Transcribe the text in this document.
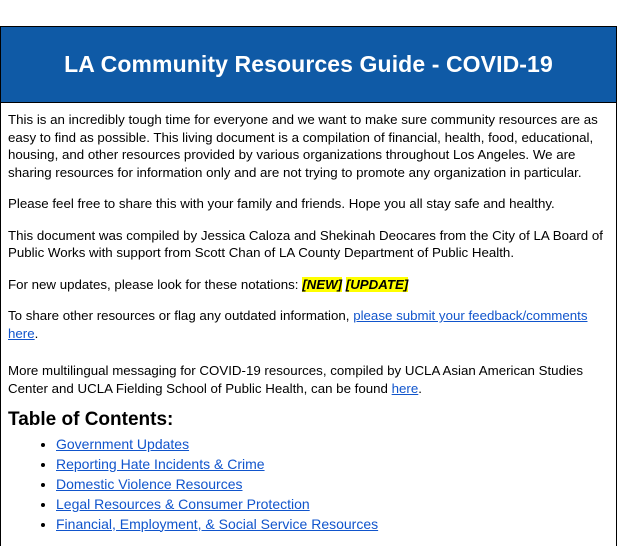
LA Community Resources Guide - COVID-19

This is an incredibly tough time for everyone and we want to make sure community resources are as easy to find as possible. This living document is a compilation of financial, health, food, educational, housing, and other resources provided by various organizations throughout Los Angeles. We are sharing resources for information only and are not trying to promote any organization in particular.

Please feel free to share this with your family and friends. Hope you all stay safe and healthy.

This document was compiled by Jessica Caloza and Shekinah Deocares from the City of LA Board of Public Works with support from Scott Chan of LA County Department of Public Health.

For new updates, please look for these notations: [NEW] [UPDATE]

To share other resources or flag any outdated information, please submit your feedback/comments here.

More multilingual messaging for COVID-19 resources, compiled by UCLA Asian American Studies Center and UCLA Fielding School of Public Health, can be found here.

Table of Contents:
• Government Updates
• Reporting Hate Incidents & Crime
• Domestic Violence Resources
• Legal Resources & Consumer Protection
• Financial, Employment, & Social Service Resources
